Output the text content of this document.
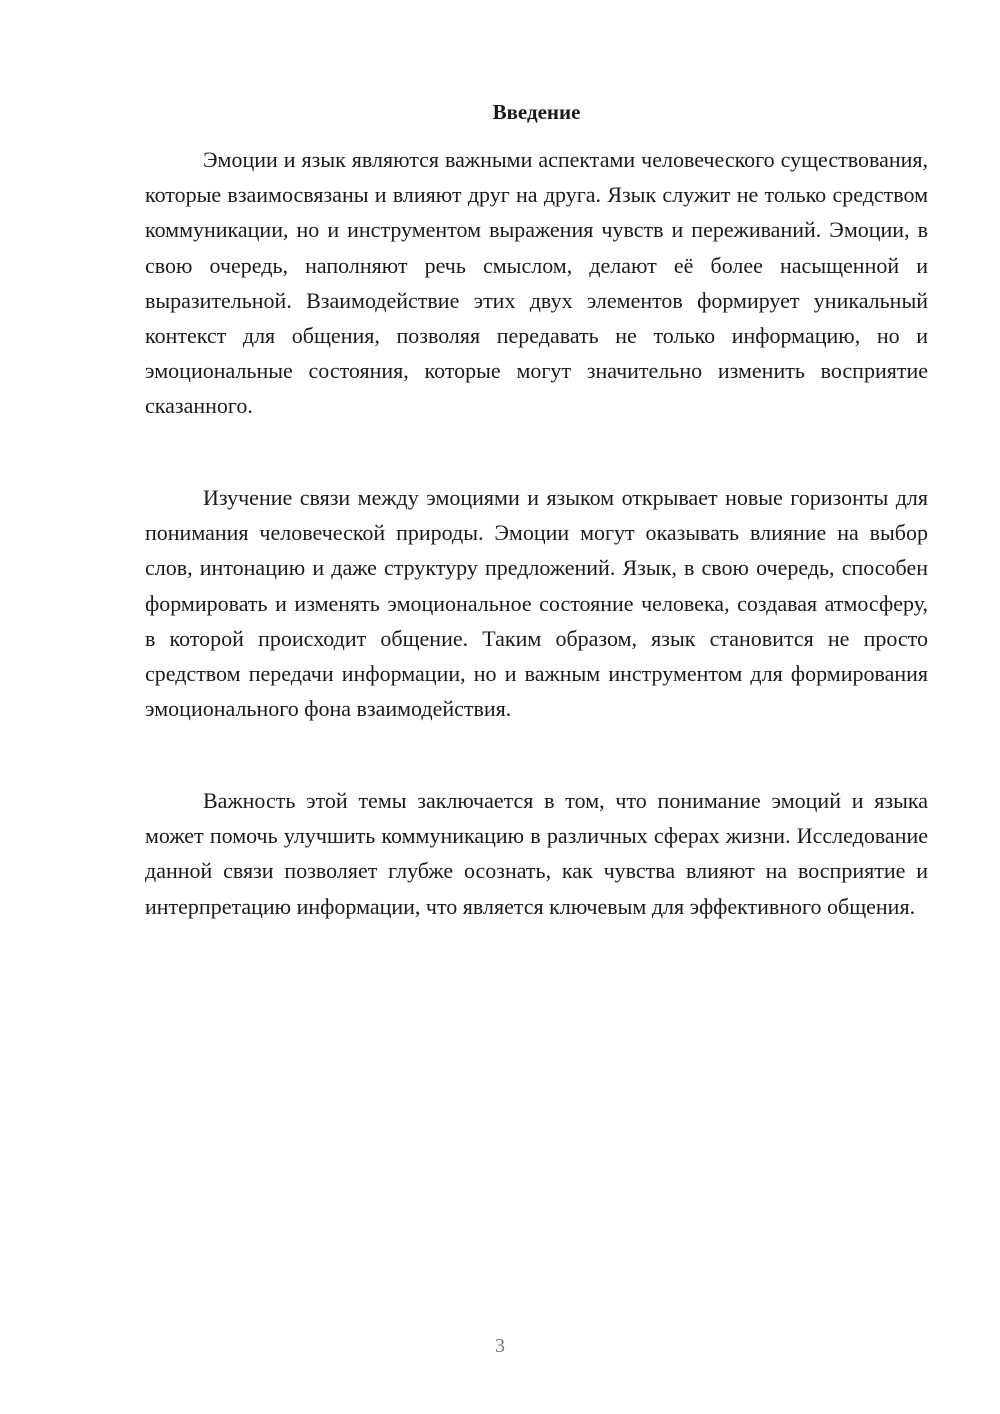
Введение

Эмоции и язык являются важными аспектами человеческого существования, которые взаимосвязаны и влияют друг на друга. Язык служит не только средством коммуникации, но и инструментом выражения чувств и переживаний. Эмоции, в свою очередь, наполняют речь смыслом, делают её более насыщенной и выразительной. Взаимодействие этих двух элементов формирует уникальный контекст для общения, позволяя передавать не только информацию, но и эмоциональные состояния, которые могут значительно изменить восприятие сказанного.

Изучение связи между эмоциями и языком открывает новые горизонты для понимания человеческой природы. Эмоции могут оказывать влияние на выбор слов, интонацию и даже структуру предложений. Язык, в свою очередь, способен формировать и изменять эмоциональное состояние человека, создавая атмосферу, в которой происходит общение. Таким образом, язык становится не просто средством передачи информации, но и важным инструментом для формирования эмоционального фона взаимодействия.

Важность этой темы заключается в том, что понимание эмоций и языка может помочь улучшить коммуникацию в различных сферах жизни. Исследование данной связи позволяет глубже осознать, как чувства влияют на восприятие и интерпретацию информации, что является ключевым для эффективного общения.

3
